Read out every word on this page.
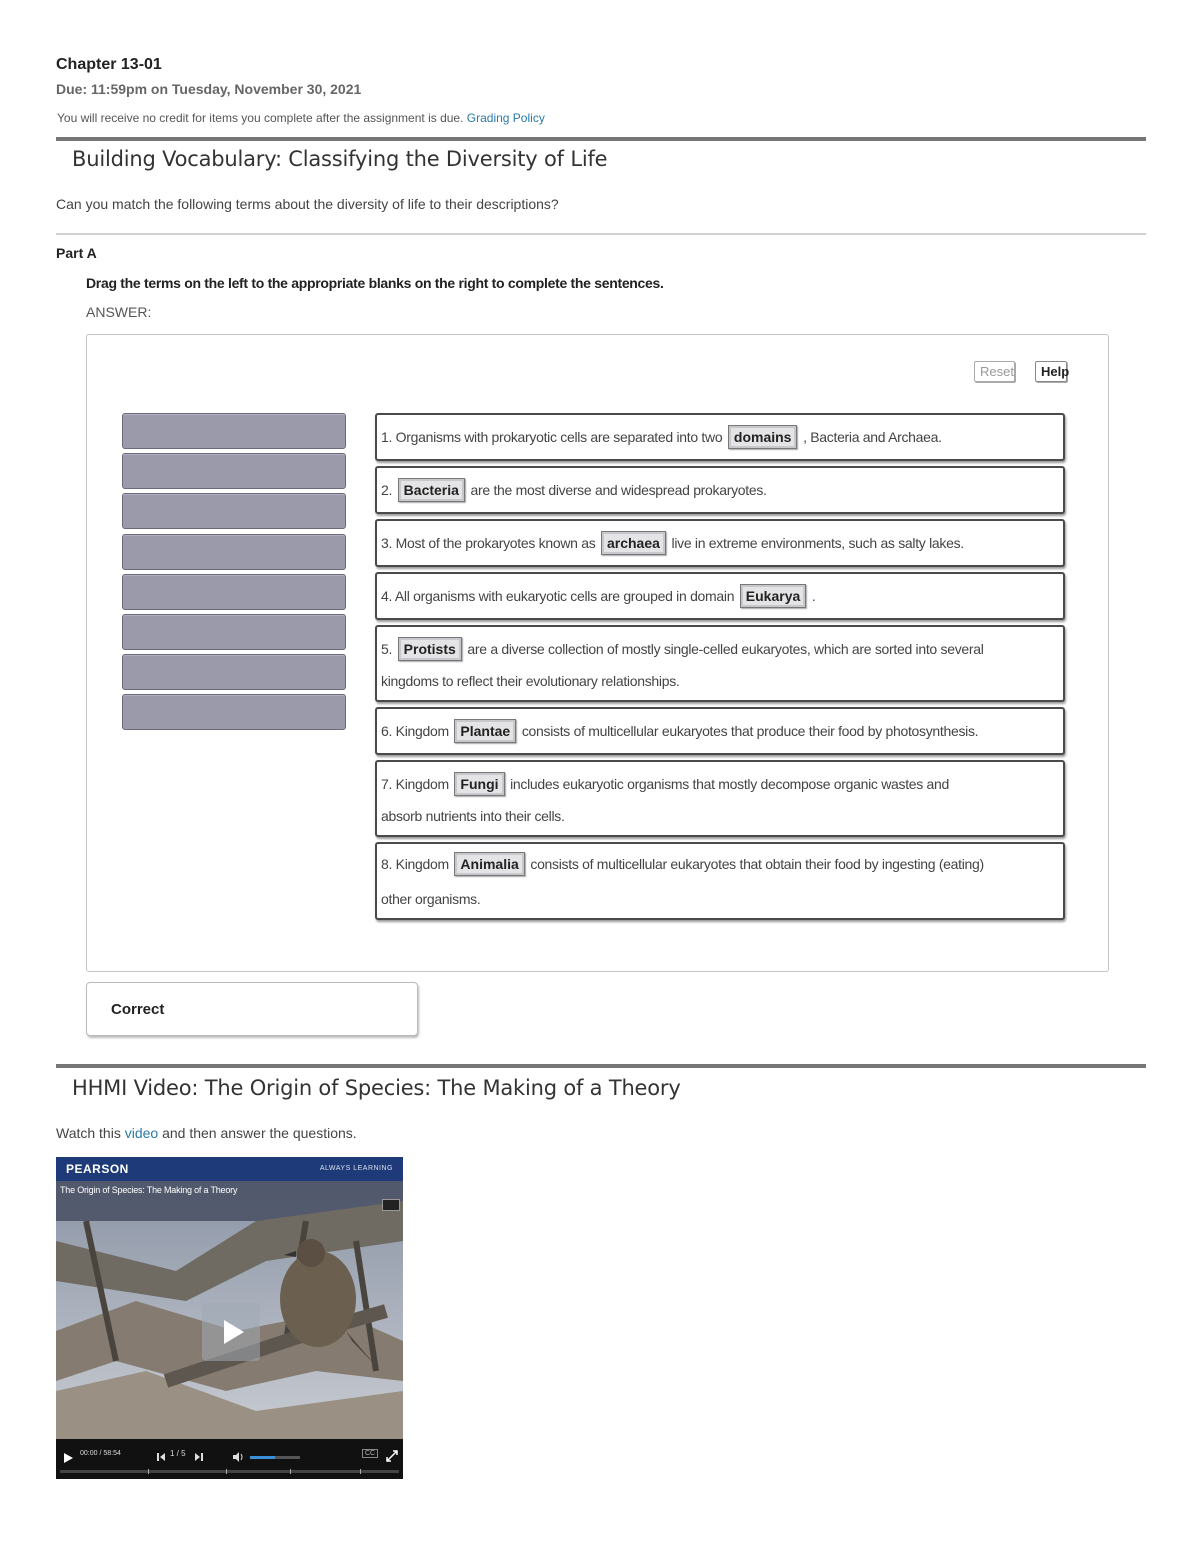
Chapter 13-01
Due: 11:59pm on Tuesday, November 30, 2021
You will receive no credit for items you complete after the assignment is due. Grading Policy
Building Vocabulary: Classifying the Diversity of Life
Can you match the following terms about the diversity of life to their descriptions?
Part A
Drag the terms on the left to the appropriate blanks on the right to complete the sentences.
ANSWER:
Reset	Help
1. Organisms with prokaryotic cells are separated into two domains , Bacteria and Archaea.
2. Bacteria are the most diverse and widespread prokaryotes.
3. Most of the prokaryotes known as archaea live in extreme environments, such as salty lakes.
4. All organisms with eukaryotic cells are grouped in domain Eukarya .
5. Protists are a diverse collection of mostly single-celled eukaryotes, which are sorted into several
kingdoms to reflect their evolutionary relationships.
6. Kingdom Plantae consists of multicellular eukaryotes that produce their food by photosynthesis.
7. Kingdom Fungi includes eukaryotic organisms that mostly decompose organic wastes and
absorb nutrients into their cells.
8. Kingdom Animalia consists of multicellular eukaryotes that obtain their food by ingesting (eating)
other organisms.
Correct
HHMI Video: The Origin of Species: The Making of a Theory
Watch this video and then answer the questions.
PEARSON	ALWAYS LEARNING
The Origin of Species: The Making of a Theory
00:00 / 58:54	1 / 5	CC
